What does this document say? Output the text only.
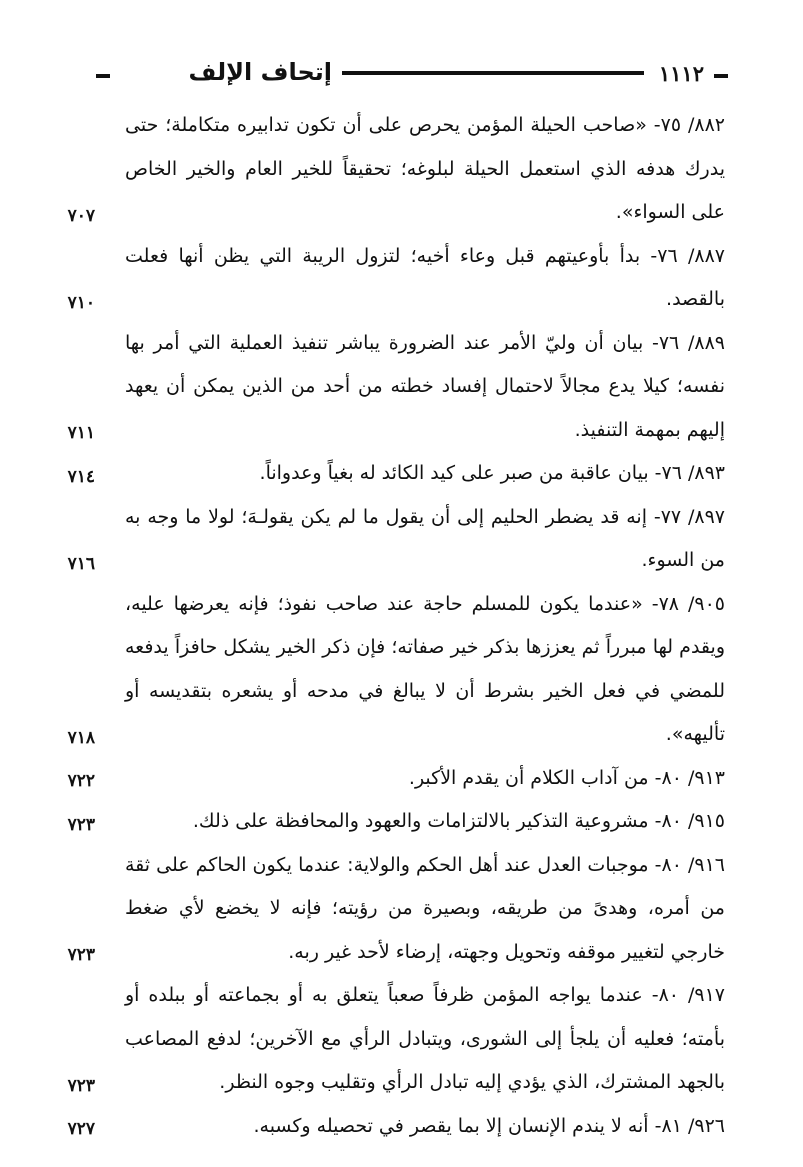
١١١٢
إتحاف الإلف
٨٨٢/ ٧٥- «صاحب الحيلة المؤمن يحرص على أن تكون تدابيره متكاملة؛ حتى يدرك هدفه الذي استعمل الحيلة لبلوغه؛ تحقيقاً للخير العام والخير الخاص على السواء».
٧٠٧
٨٨٧/ ٧٦- بدأ بأوعيتهم قبل وعاء أخيه؛ لتزول الريبة التي يظن أنها فعلت بالقصد.
٧١٠
٨٨٩/ ٧٦- بيان أن وليّ الأمر عند الضرورة يباشر تنفيذ العملية التي أمر بها نفسه؛ كيلا يدع مجالاً لاحتمال إفساد خطته من أحد من الذين يمكن أن يعهد إليهم بمهمة التنفيذ.
٧١١
٨٩٣/ ٧٦- بيان عاقبة من صبر على كيد الكائد له بغياً وعدواناً.
٧١٤
٨٩٧/ ٧٧- إنه قد يضطر الحليم إلى أن يقول ما لم يكن يقولـهَ؛ لولا ما وجه به من السوء.
٧١٦
٩٠٥/ ٧٨- «عندما يكون للمسلم حاجة عند صاحب نفوذ؛ فإنه يعرضها عليه، ويقدم لها مبرراً ثم يعززها بذكر خير صفاته؛ فإن ذكر الخير يشكل حافزاً يدفعه للمضي في فعل الخير بشرط أن لا يبالغ في مدحه أو يشعره بتقديسه أو تأليهه».
٧١٨
٩١٣/ ٨٠- من آداب الكلام أن يقدم الأكبر.
٧٢٢
٩١٥/ ٨٠- مشروعية التذكير بالالتزامات والعهود والمحافظة على ذلك.
٧٢٣
٩١٦/ ٨٠- موجبات العدل عند أهل الحكم والولاية: عندما يكون الحاكم على ثقة من أمره، وهدىً من طريقه، وبصيرة من رؤيته؛ فإنه لا يخضع لأي ضغط خارجي لتغيير موقفه وتحويل وجهته، إرضاء لأحد غير ربه.
٧٢٣
٩١٧/ ٨٠- عندما يواجه المؤمن ظرفاً صعباً يتعلق به أو بجماعته أو ببلده أو بأمته؛ فعليه أن يلجأ إلى الشورى، ويتبادل الرأي مع الآخرين؛ لدفع المصاعب بالجهد المشترك، الذي يؤدي إليه تبادل الرأي وتقليب وجوه النظر.
٧٢٣
٩٢٦/ ٨١- أنه لا يندم الإنسان إلا بما يقصر في تحصيله وكسبه.
٧٢٧
